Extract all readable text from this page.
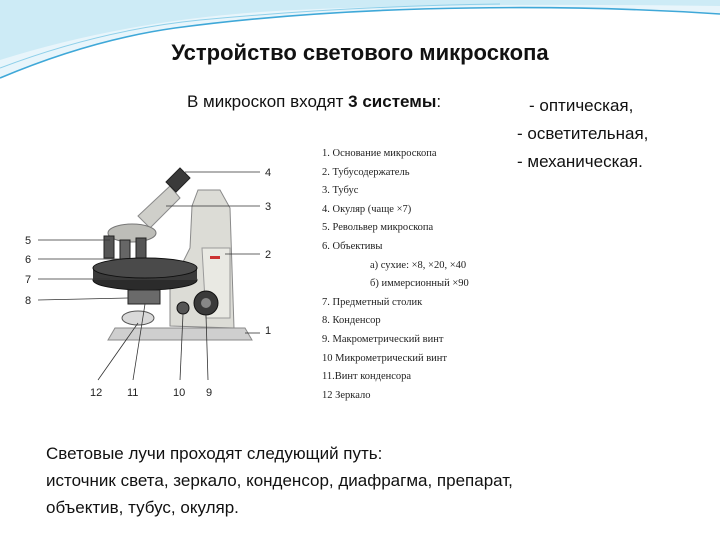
Устройство светового микроскопа
В микроскоп входят 3 системы:	- оптическая,
- осветительная,
- механическая.
4
3
2
1
5
6
7
8
12 11	10 9
1. Основание микроскопа
2. Тубусодержатель
3. Тубус
4. Окуляр (чаще ×7)
5. Револьвер микроскопа
6. Объективы
а) сухие: ×8, ×20, ×40
б) иммерсионный ×90
7. Предметный столик
8. Конденсор
9. Макрометрический винт
10 Микрометрический винт
11.Винт конденсора
12 Зеркало
Световые лучи проходят следующий путь:
источник света, зеркало, конденсор, диафрагма, препарат,
объектив, тубус, окуляр.
